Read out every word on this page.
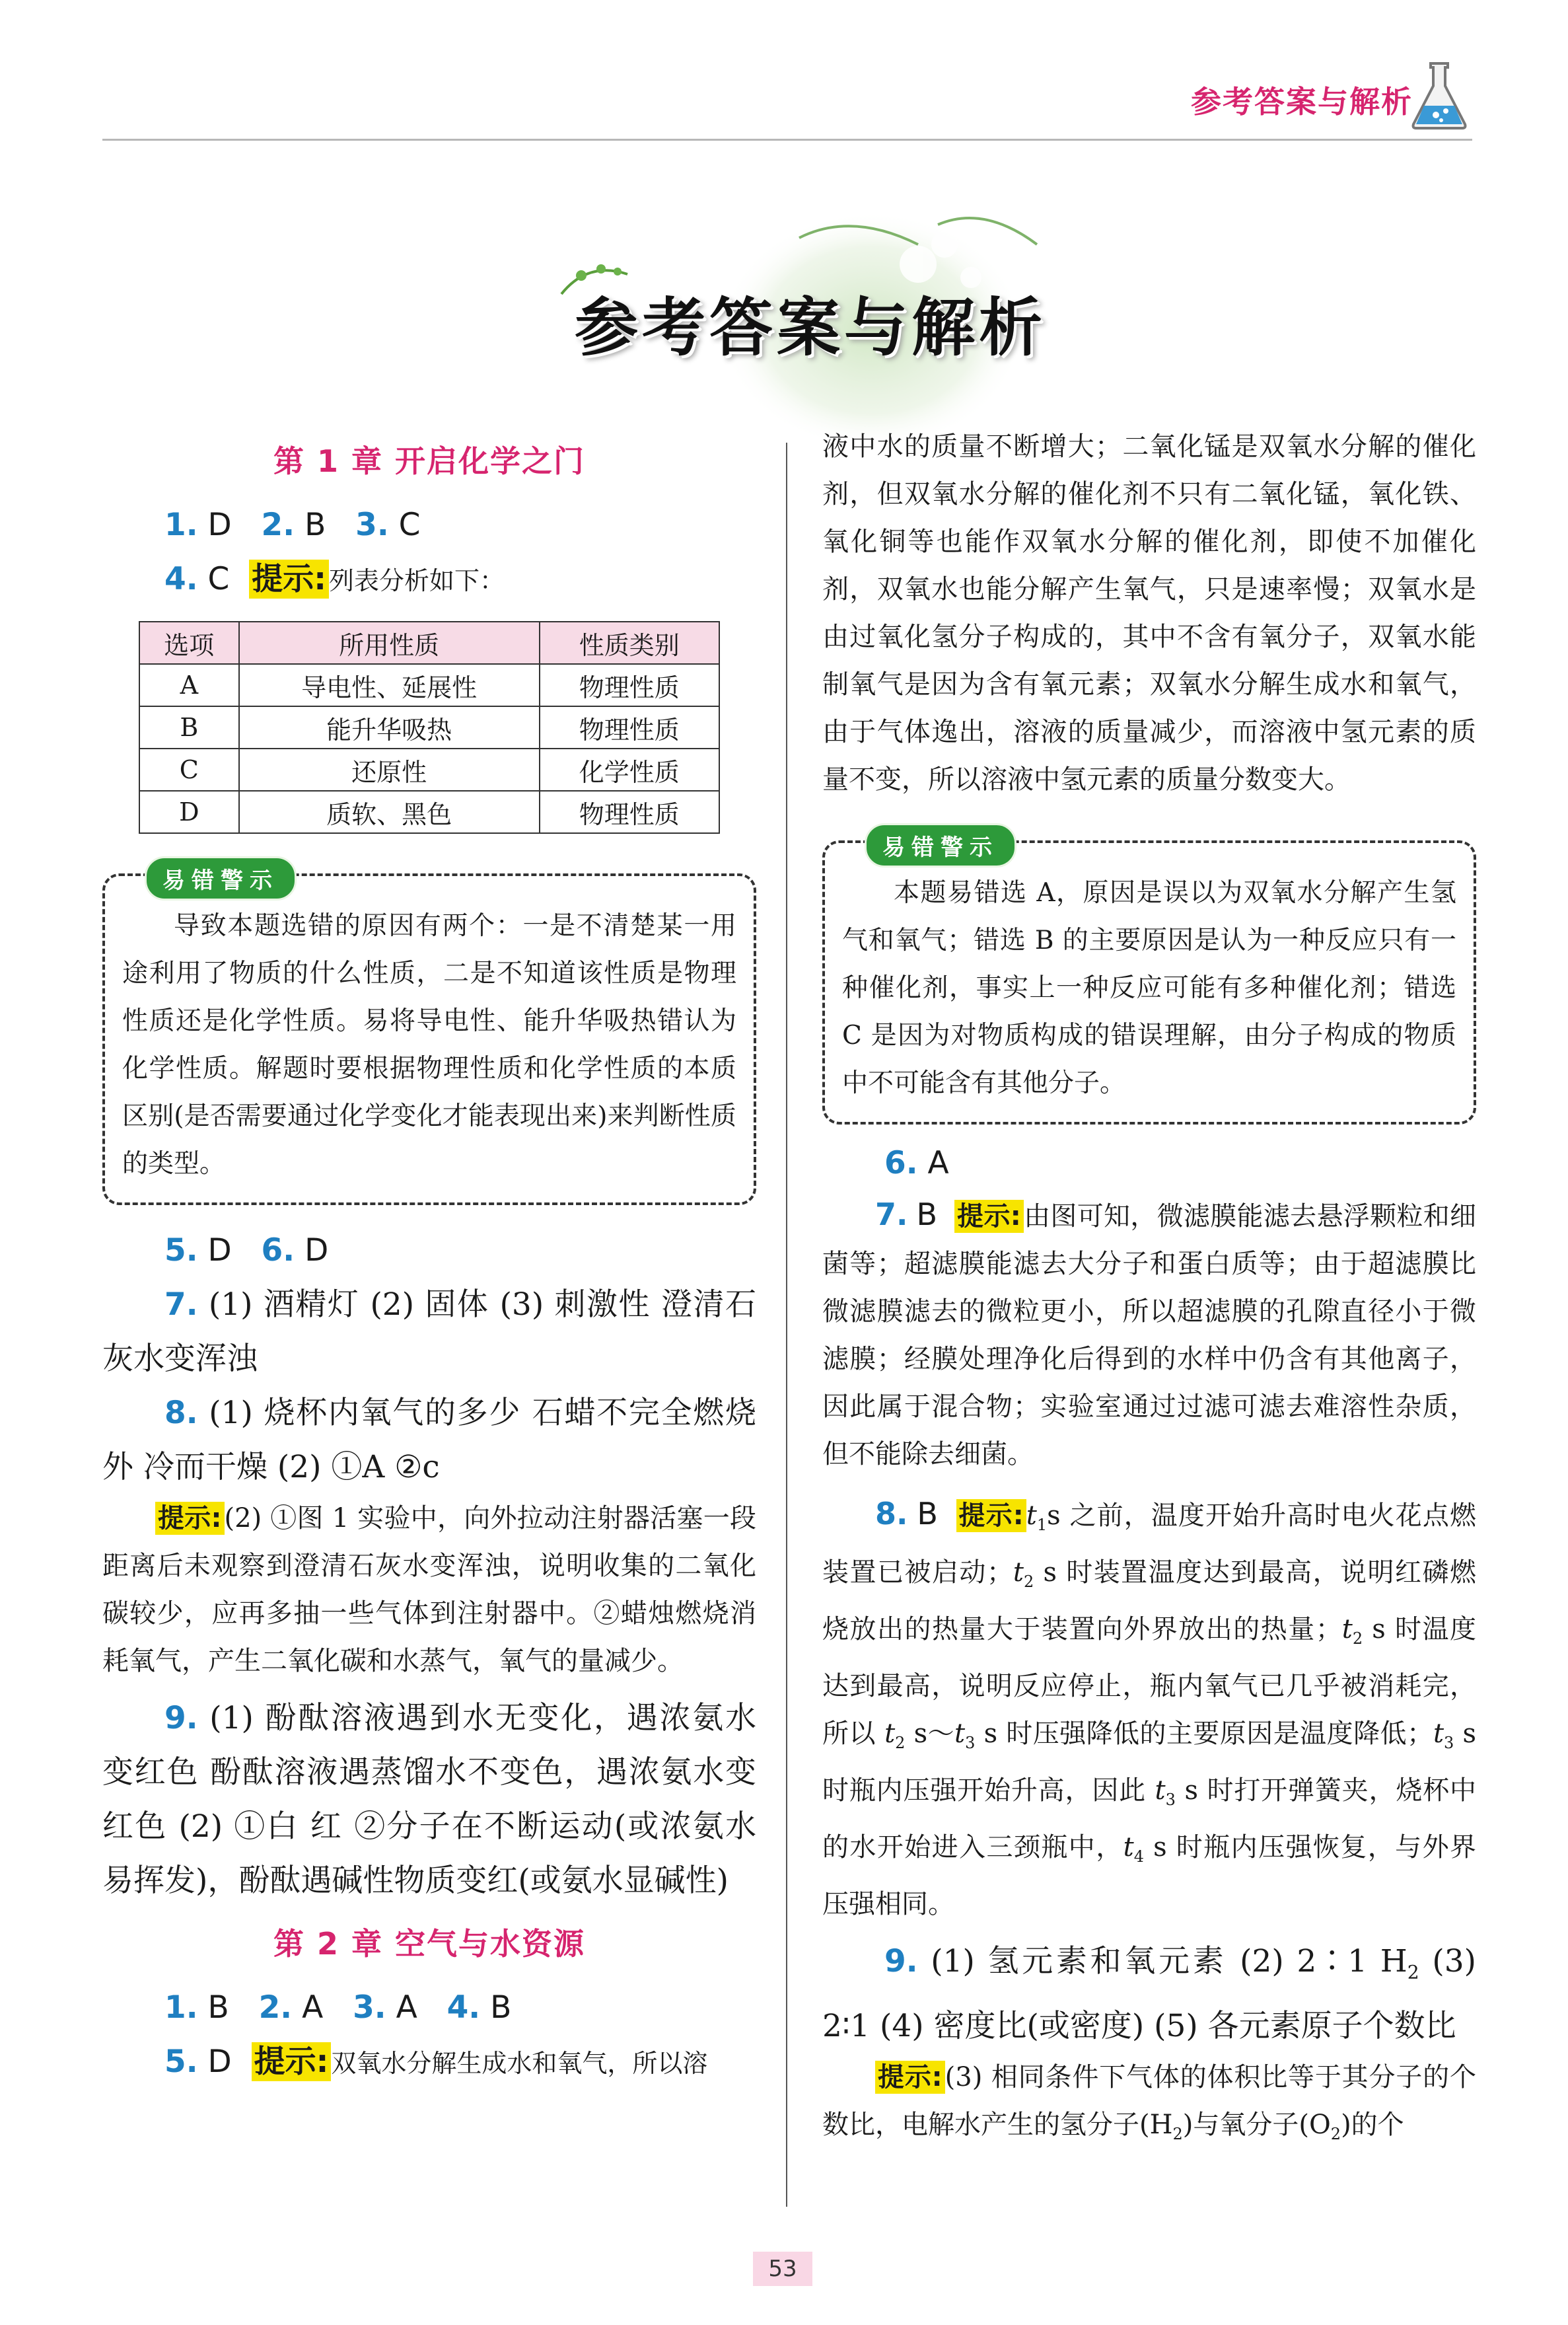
参考答案与解析
参考答案与解析
第 1 章 开启化学之门

1. D 2. B 3. C

4. C 提示: 列表分析如下：

选项	所用性质	性质类别
A	导电性、延展性	物理性质
B	能升华吸热	物理性质
C	还原性	化学性质
D	质软、黑色	物理性质
易错警示

导致本题选错的原因有两个：一是不清楚某一用途利用了物质的什么性质，二是不知道该性质是物理性质还是化学性质。易将导电性、能升华吸热错认为化学性质。解题时要根据物理性质和化学性质的本质区别(是否需要通过化学变化才能表现出来)来判断性质的类型。

5. D 6. D

7. (1) 酒精灯 (2) 固体 (3) 刺激性 澄清石灰水变浑浊

8. (1) 烧杯内氧气的多少 石蜡不完全燃烧 外 冷而干燥 (2) ①A ②c

提示: (2) ①图 1 实验中，向外拉动注射器活塞一段距离后未观察到澄清石灰水变浑浊，说明收集的二氧化碳较少，应再多抽一些气体到注射器中。②蜡烛燃烧消耗氧气，产生二氧化碳和水蒸气，氧气的量减少。

9. (1) 酚酞溶液遇到水无变化，遇浓氨水变红色 酚酞溶液遇蒸馏水不变色，遇浓氨水变红色 (2) ①白 红 ②分子在不断运动(或浓氨水易挥发)，酚酞遇碱性物质变红(或氨水显碱性)

第 2 章 空气与水资源

1. B 2. A 3. A 4. B

5. D 提示: 双氧水分解生成水和氧气，所以溶

液中水的质量不断增大；二氧化锰是双氧水分解的催化剂，但双氧水分解的催化剂不只有二氧化锰，氧化铁、氧化铜等也能作双氧水分解的催化剂，即使不加催化剂，双氧水也能分解产生氧气，只是速率慢；双氧水是由过氧化氢分子构成的，其中不含有氧分子，双氧水能制氧气是因为含有氧元素；双氧水分解生成水和氧气，由于气体逸出，溶液的质量减少，而溶液中氢元素的质量不变，所以溶液中氢元素的质量分数变大。

易错警示

本题易错选 A，原因是误以为双氧水分解产生氢气和氧气；错选 B 的主要原因是认为一种反应只有一种催化剂，事实上一种反应可能有多种催化剂；错选 C 是因为对物质构成的错误理解，由分子构成的物质中不可能含有其他分子。

6. A

7. B 提示: 由图可知，微滤膜能滤去悬浮颗粒和细菌等；超滤膜能滤去大分子和蛋白质等；由于超滤膜比微滤膜滤去的微粒更小，所以超滤膜的孔隙直径小于微滤膜；经膜处理净化后得到的水样中仍含有其他离子，因此属于混合物；实验室通过过滤可滤去难溶性杂质，但不能除去细菌。

8. B 提示: $t_1s$ 之前，温度开始升高时电火花点燃装置已被启动；$t_2$ s 时装置温度达到最高，说明红磷燃烧放出的热量大于装置向外界放出的热量；$t_2$ s 时温度达到最高，说明反应停止，瓶内氧气已几乎被消耗完，所以 $t_2$ $s\sim t_3$ s 时压强降低的主要原因是温度降低；$t_3$ s 时瓶内压强开始升高，因此 $t_3$ s 时打开弹簧夹，烧杯中的水开始进入三颈瓶中，$t_4$ s 时瓶内压强恢复，与外界压强相同。

9. (1) 氢元素和氧元素 (2) 2∶1 $H_2$ (3) 2∶1 (4) 密度比(或密度) (5) 各元素原子个数比

提示: (3) 相同条件下气体的体积比等于其分子的个数比，电解水产生的氢分子$(H_2)$与氧分子$(O_2)$的个

53
